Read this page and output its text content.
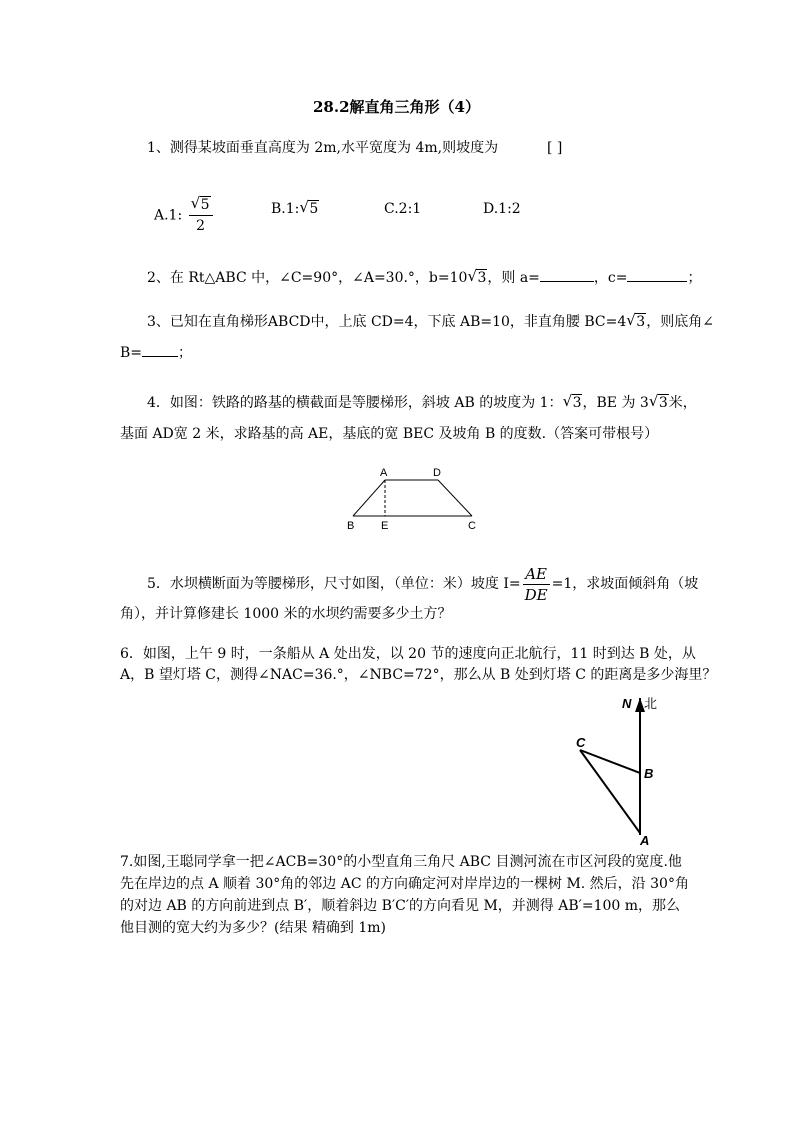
28.2解直角三角形（4）
1、测得某坡面垂直高度为 2m,水平宽度为 4m,则坡度为	[ ]
A.1: $\frac{√ 5}{2}$	B.1: √ 5	C.2:1	D.1:2
2、在 Rt△ABC 中，∠C=90°，∠A=30.°，b=10 √ 3，则 a=	，c=	；
3、已知在直角梯形ABCD中，上底 CD=4，下底 AB=10，非直角腰 BC=4 √ 3，则底角∠
B=	；
4．如图：铁路的路基的横截面是等腰梯形，斜坡 AB 的坡度为 1： √ 3，BE 为 3 √ 3米，
基面 AD宽 2 米，求路基的高 AE，基底的宽 BEC 及坡角 B 的度数.（答案可带根号）
A	D
B E	C
5．水坝横断面为等腰梯形，尺寸如图，（单位：米）坡度 $I= \frac{AE}{DE} =1$，求坡面倾斜角（坡
角），并计算修建长 1000 米的水坝约需要多少土方？
6．如图，上午 9 时，一条船从 A 处出发，以 20 节的速度向正北航行，11 时到达 B 处，从
A，B 望灯塔 C，测得∠NAC=36.°，∠NBC=72°，那么从 B 处到灯塔 C 的距离是多少海里？
N 北
C
B
A
7.如图,王聪同学拿一把∠ACB=30°的小型直角三角尺 ABC 目测河流在市区河段的宽度.他
先在岸边的点 A 顺着 30°角的邻边 AC 的方向确定河对岸岸边的一棵树 M. 然后，沿 30°角
的对边 AB 的方向前进到点 B′，顺着斜边 B′C′的方向看见 M，并测得 AB′=100 m，那么
他目测的宽大约为多少？(结果 精确到 1m)
